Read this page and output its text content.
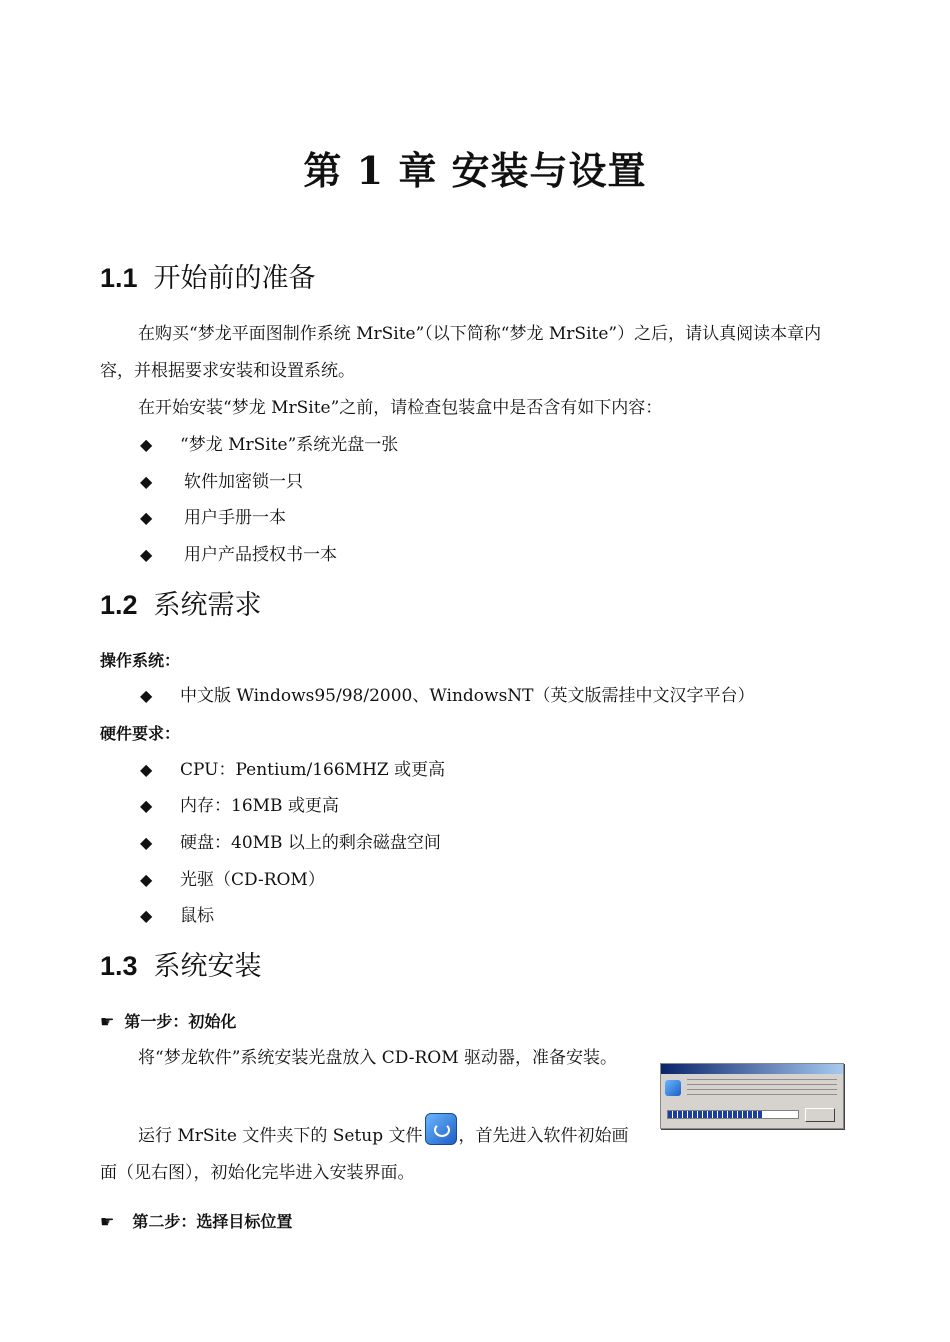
第 1 章 安装与设置
1.1 开始前的准备
在购买“梦龙平面图制作系统 MrSite”（以下简称“梦龙 MrSite”）之后，请认真阅读本章内容，并根据要求安装和设置系统。
在开始安装“梦龙 MrSite”之前，请检查包装盒中是否含有如下内容：
◆ “梦龙 MrSite”系统光盘一张
◆ 软件加密锁一只
◆ 用户手册一本
◆ 用户产品授权书一本
1.2 系统需求
操作系统：
◆ 中文版 Windows95/98/2000、WindowsNT（英文版需挂中文汉字平台）
硬件要求：
◆ CPU：Pentium/166MHZ 或更高
◆ 内存：16MB 或更高
◆ 硬盘：40MB 以上的剩余磁盘空间
◆ 光驱（CD-ROM）
◆ 鼠标
1.3 系统安装
☛ 第一步：初始化
将“梦龙软件”系统安装光盘放入 CD-ROM 驱动器，准备安装。
运行 MrSite 文件夹下的 Setup 文件 ，首先进入软件初始画面（见右图），初始化完毕进入安装界面。
☛ 第二步：选择目标位置
